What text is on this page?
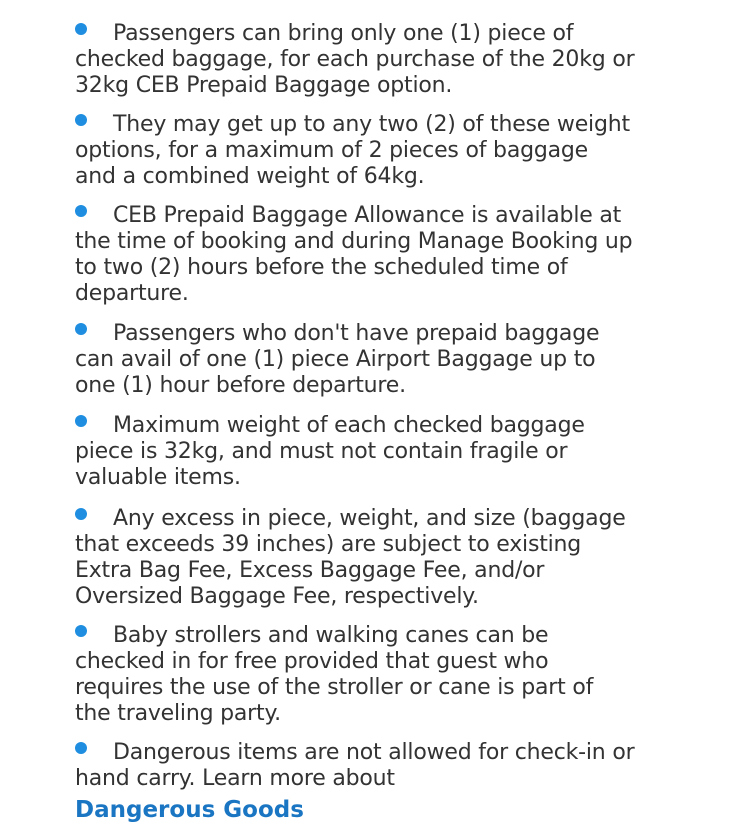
Passengers can bring only one (1) piece of checked baggage, for each purchase of the 20kg or 32kg CEB Prepaid Baggage option.
They may get up to any two (2) of these weight options, for a maximum of 2 pieces of baggage and a combined weight of 64kg.
CEB Prepaid Baggage Allowance is available at the time of booking and during Manage Booking up to two (2) hours before the scheduled time of departure.
Passengers who don't have prepaid baggage can avail of one (1) piece Airport Baggage up to one (1) hour before departure.
Maximum weight of each checked baggage piece is 32kg, and must not contain fragile or valuable items.
Any excess in piece, weight, and size (baggage that exceeds 39 inches) are subject to existing Extra Bag Fee, Excess Baggage Fee, and/or Oversized Baggage Fee, respectively.
Baby strollers and walking canes can be checked in for free provided that guest who requires the use of the stroller or cane is part of the traveling party.
Dangerous items are not allowed for check-in or hand carry. Learn more about
Dangerous Goods
